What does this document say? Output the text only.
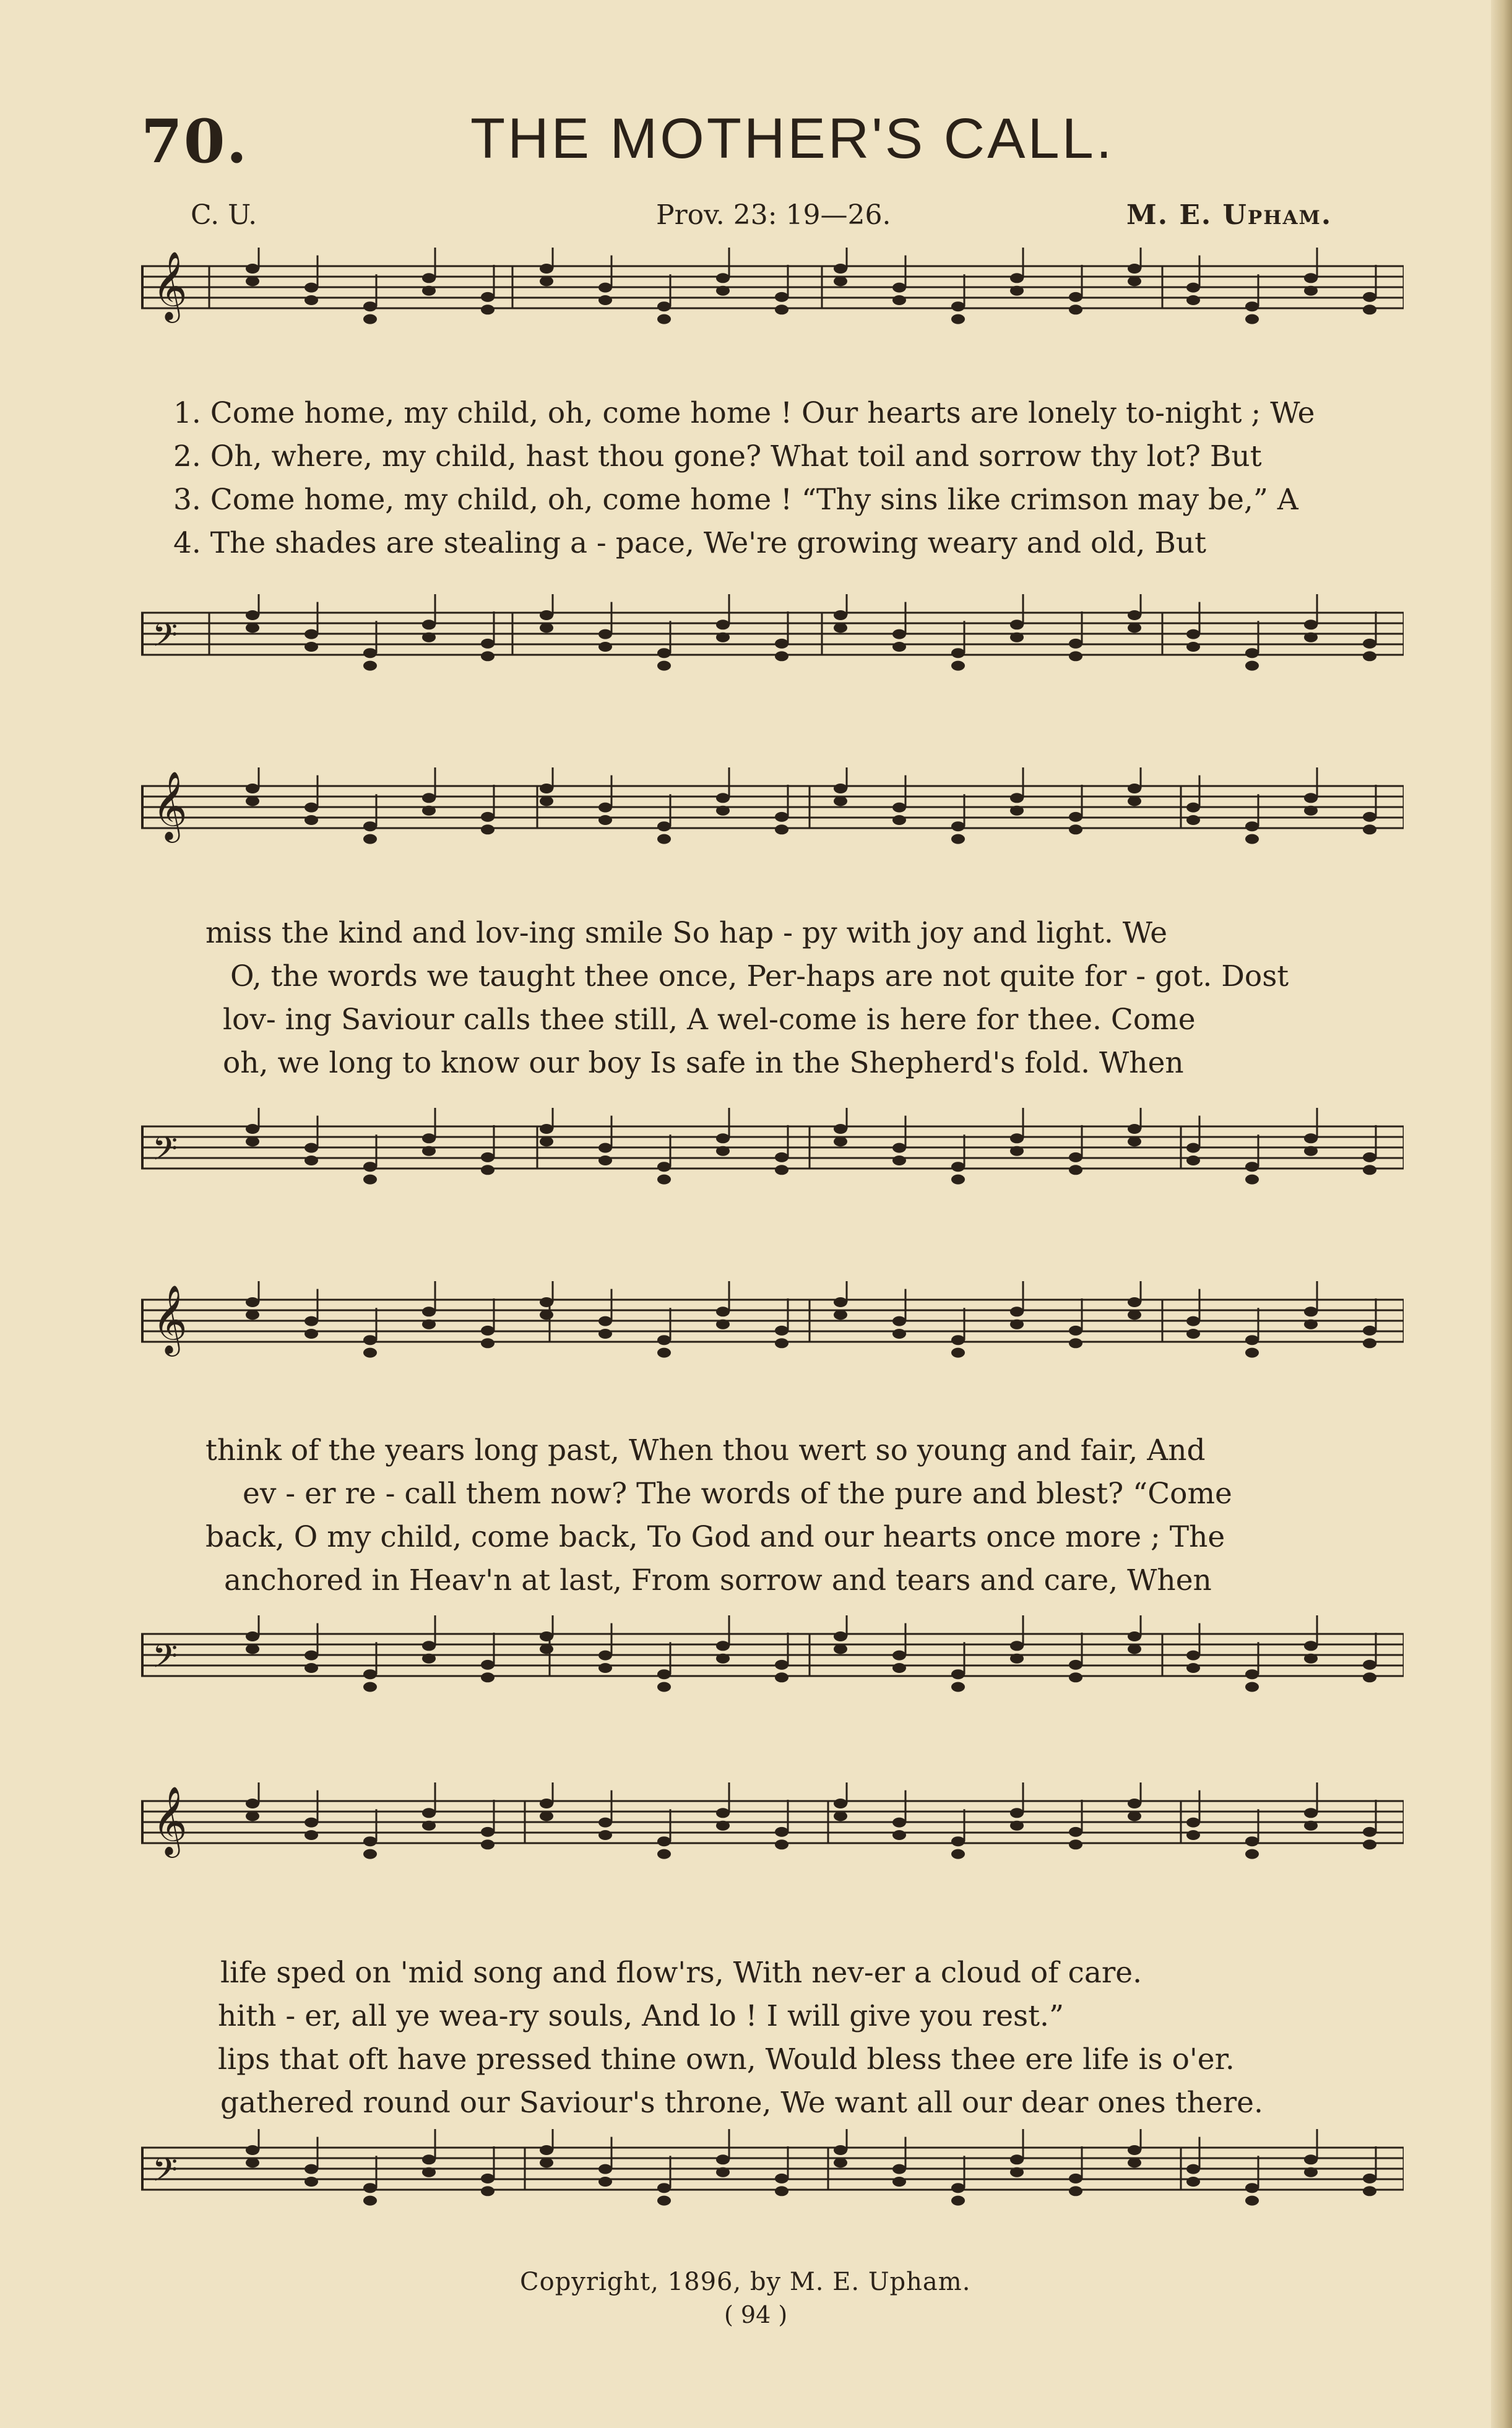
70.	THE MOTHER'S CALL.
C. U.	Prov. 23: 19—26.	M. E. Upham.
𝄞
1. Come home, my child, oh, come home ! Our hearts are lonely to-night ; We
2. Oh, where, my child, hast thou gone? What toil and sorrow thy lot? But
3. Come home, my child, oh, come home ! “Thy sins like crimson may be,” A
4. The shades are stealing a - pace, We're growing weary and old, But
𝄢
𝄞
miss the kind and lov-ing smile So hap - py with joy and light. We
O, the words we taught thee once, Per-haps are not quite for - got. Dost
lov- ing Saviour calls thee still, A wel-come is here for thee. Come
oh, we long to know our boy Is safe in the Shepherd's fold. When
𝄢
𝄞
think of the years long past, When thou wert so young and fair, And
ev - er re - call them now? The words of the pure and blest? “Come
back, O my child, come back, To God and our hearts once more ; The
anchored in Heav'n at last, From sorrow and tears and care, When
𝄢
𝄞
life sped on 'mid song and flow'rs, With nev-er a cloud of care.
hith - er, all ye wea-ry souls, And lo ! I will give you rest.”
lips that oft have pressed thine own, Would bless thee ere life is o'er.
gathered round our Saviour's throne, We want all our dear ones there.
𝄢
Copyright, 1896, by M. E. Upham.
( 94 )
